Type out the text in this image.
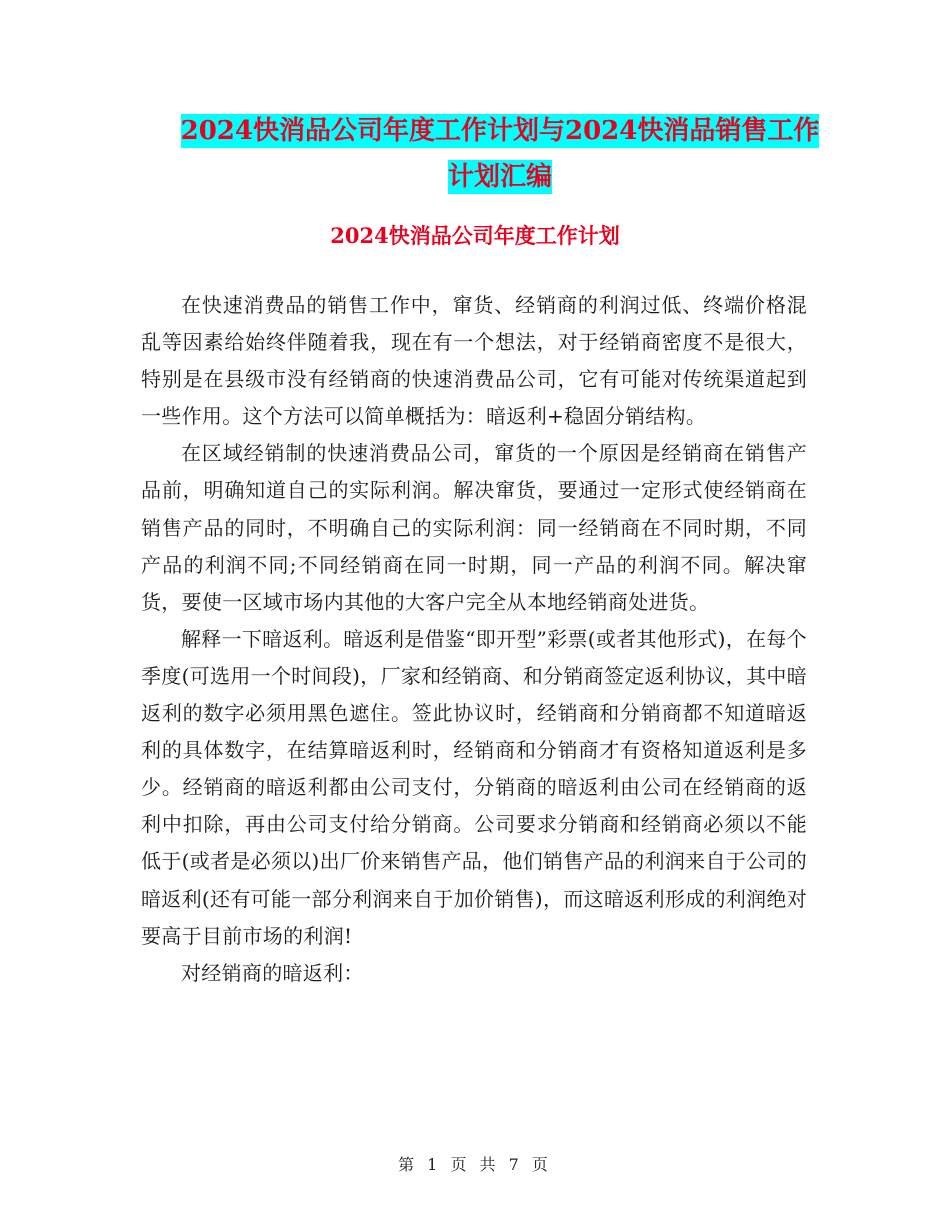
2024快消品公司年度工作计划与2024快消品销售工作
计划汇编
2024快消品公司年度工作计划

在快速消费品的销售工作中，窜货、经销商的利润过低、终端价格混乱等因素给始终伴随着我，现在有一个想法，对于经销商密度不是很大，特别是在县级市没有经销商的快速消费品公司，它有可能对传统渠道起到一些作用。这个方法可以简单概括为：暗返利+稳固分销结构。

在区域经销制的快速消费品公司，窜货的一个原因是经销商在销售产品前，明确知道自己的实际利润。解决窜货，要通过一定形式使经销商在销售产品的同时，不明确自己的实际利润：同一经销商在不同时期，不同产品的利润不同;不同经销商在同一时期，同一产品的利润不同。解决窜货，要使一区域市场内其他的大客户完全从本地经销商处进货。

解释一下暗返利。暗返利是借鉴“即开型”彩票(或者其他形式)，在每个季度(可选用一个时间段)，厂家和经销商、和分销商签定返利协议，其中暗返利的数字必须用黑色遮住。签此协议时，经销商和分销商都不知道暗返利的具体数字，在结算暗返利时，经销商和分销商才有资格知道返利是多少。经销商的暗返利都由公司支付，分销商的暗返利由公司在经销商的返利中扣除，再由公司支付给分销商。公司要求分销商和经销商必须以不能低于(或者是必须以)出厂价来销售产品，他们销售产品的利润来自于公司的暗返利(还有可能一部分利润来自于加价销售)，而这暗返利形成的利润绝对要高于目前市场的利润!

对经销商的暗返利：

第 1 页 共 7 页
